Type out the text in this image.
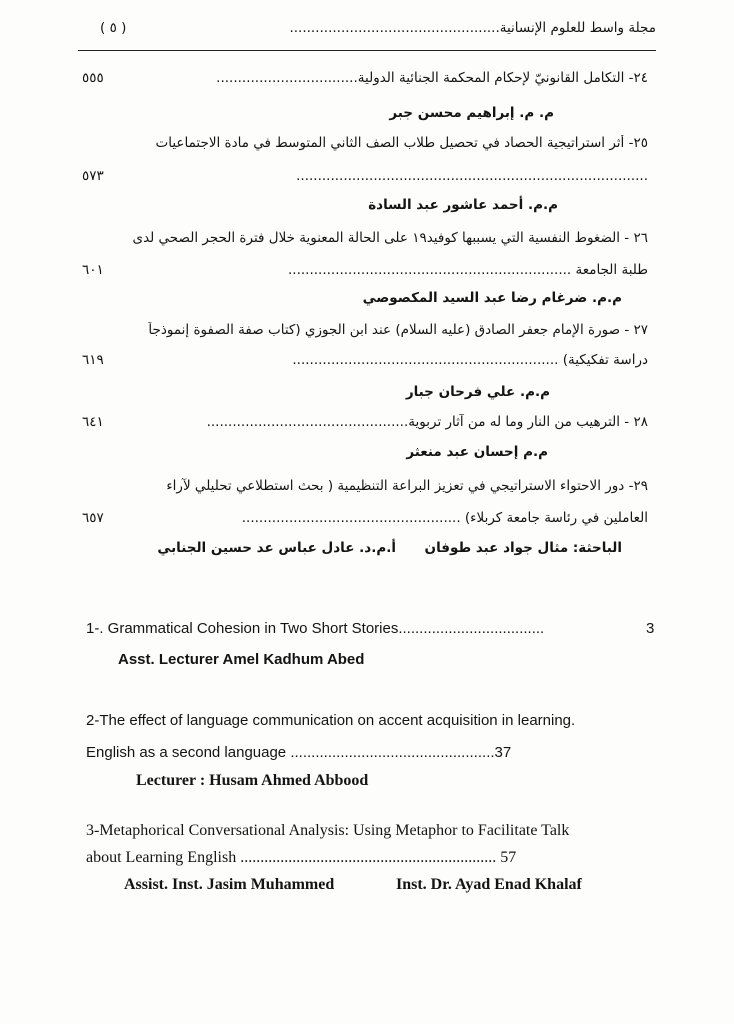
مجلة واسط للعلوم الإنسانية.................................................
( ٥ )
٢٤- التكامل القانونيّ لإحكام المحكمة الجنائية الدولية.................................
٥٥٥
م. م. إبراهيم محسن جبر
٢٥- أثر استراتيجية الحصاد في تحصيل طلاب الصف الثاني المتوسط في مادة الاجتماعيات
..................................................................................
٥٧٣
م.م. أحمد عاشور عبد السادة
٢٦ - الضغوط النفسية التي يسببها كوفيد١٩ على الحالة المعنوية خلال فترة الحجر الصحي لدى
طلبة الجامعة ..................................................................
٦٠١
م.م. ضرغام رضا عبد السيد المكصوصي
٢٧ - صورة الإمام جعفر الصادق (عليه السلام) عند ابن الجوزي (كتاب صفة الصفوة إنموذجاً
دراسة تفكيكية) ..............................................................
٦١٩
م.م. علي فرحان جبار
٢٨ - الترهيب من النار وما له من آثار تربوية...............................................
٦٤١
م.م إحسان عبد منعثر
٢٩- دور الاحتواء الاستراتيجي في تعزيز البراعة التنظيمية ( بحث استطلاعي تحليلي لآراء
العاملين في رئاسة جامعة كربلاء) ...................................................
٦٥٧
الباحثة: مثال جواد عبد طوفان
أ.م.د. عادل عباس عد حسين الجنابي
1-. Grammatical Cohesion in Two Short Stories...................................	3
Asst. Lecturer Amel Kadhum Abed
2-The effect of language communication on accent acquisition in learning.
English as a second language .................................................37
Lecturer : Husam Ahmed Abbood
3-Metaphorical Conversational Analysis: Using Metaphor to Facilitate Talk
about Learning English ................................................................ 57
Assist. Inst. Jasim Muhammed	Inst. Dr. Ayad Enad Khalaf
